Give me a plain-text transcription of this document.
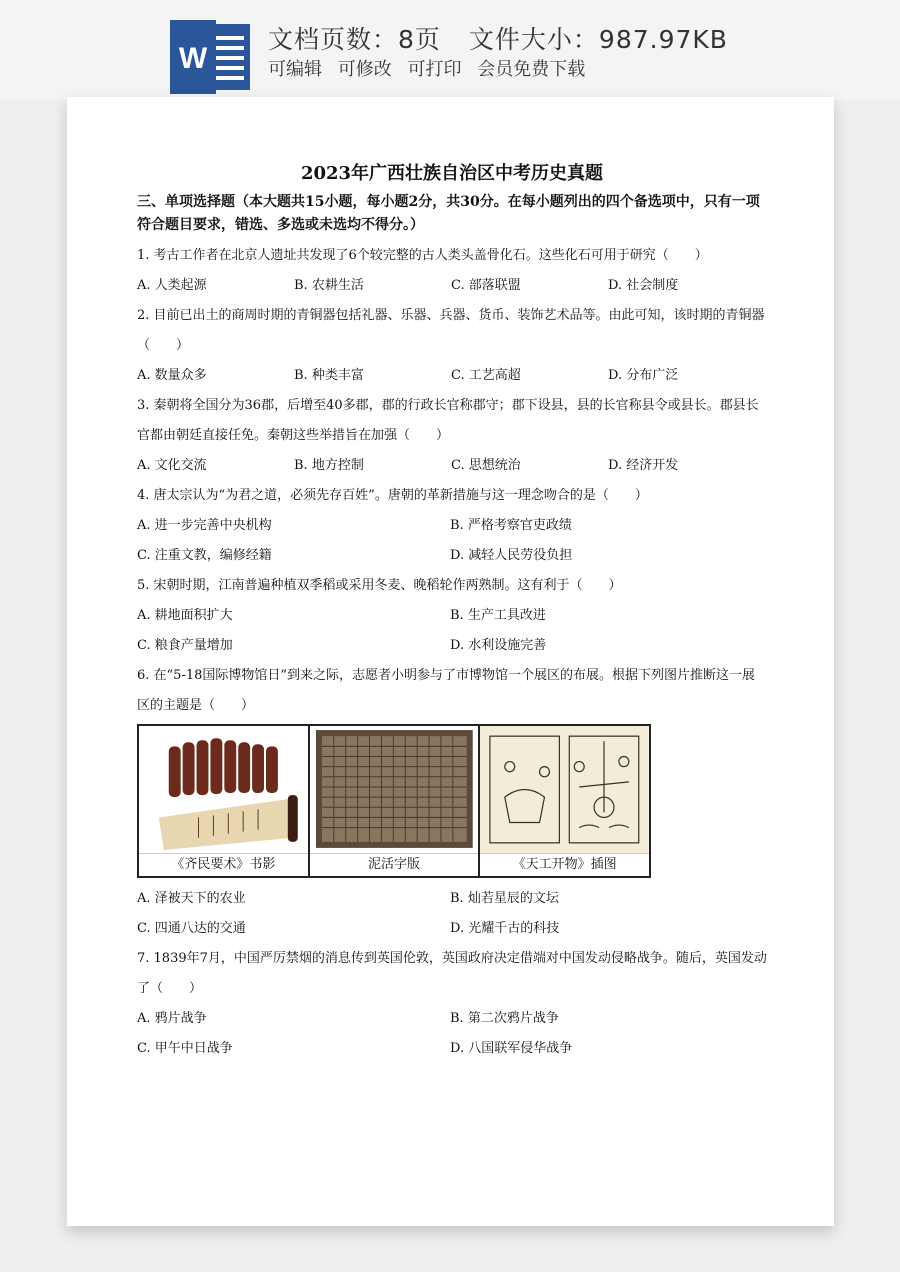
W
文档页数：8页 文件大小：987.97KB
可编辑 可修改 可打印 会员免费下载
2023年广西壮族自治区中考历史真题
三、单项选择题（本大题共15小题，每小题2分，共30分。在每小题列出的四个备选项中，只有一项符合题目要求，错选、多选或未选均不得分。）
1. 考古工作者在北京人遗址共发现了6个较完整的古人类头盖骨化石。这些化石可用于研究（　　）
A. 人类起源	B. 农耕生活	C. 部落联盟	D. 社会制度
2. 目前已出土的商周时期的青铜器包括礼器、乐器、兵器、货币、装饰艺术品等。由此可知，该时期的青铜器（　　）
A. 数量众多	B. 种类丰富	C. 工艺高超	D. 分布广泛
3. 秦朝将全国分为36郡，后增至40多郡，郡的行政长官称郡守；郡下设县，县的长官称县令或县长。郡县长官都由朝廷直接任免。秦朝这些举措旨在加强（　　）
A. 文化交流	B. 地方控制	C. 思想统治	D. 经济开发
4. 唐太宗认为“为君之道，必须先存百姓”。唐朝的革新措施与这一理念吻合的是（　　）
A. 进一步完善中央机构	B. 严格考察官吏政绩
C. 注重文教，编修经籍	D. 减轻人民劳役负担
5. 宋朝时期，江南普遍种植双季稻或采用冬麦、晚稻轮作两熟制。这有利于（　　）
A. 耕地面积扩大	B. 生产工具改进
C. 粮食产量增加	D. 水利设施完善
6. 在“5-18国际博物馆日”到来之际，志愿者小明参与了市博物馆一个展区的布展。根据下列图片推断这一展区的主题是（　　）
《齐民要术》书影	泥活字版	《天工开物》插图
A. 泽被天下的农业	B. 灿若星辰的文坛
C. 四通八达的交通	D. 光耀千古的科技
7. 1839年7月，中国严厉禁烟的消息传到英国伦敦，英国政府决定借端对中国发动侵略战争。随后，英国发动了（　　）
A. 鸦片战争	B. 第二次鸦片战争
C. 甲午中日战争	D. 八国联军侵华战争
